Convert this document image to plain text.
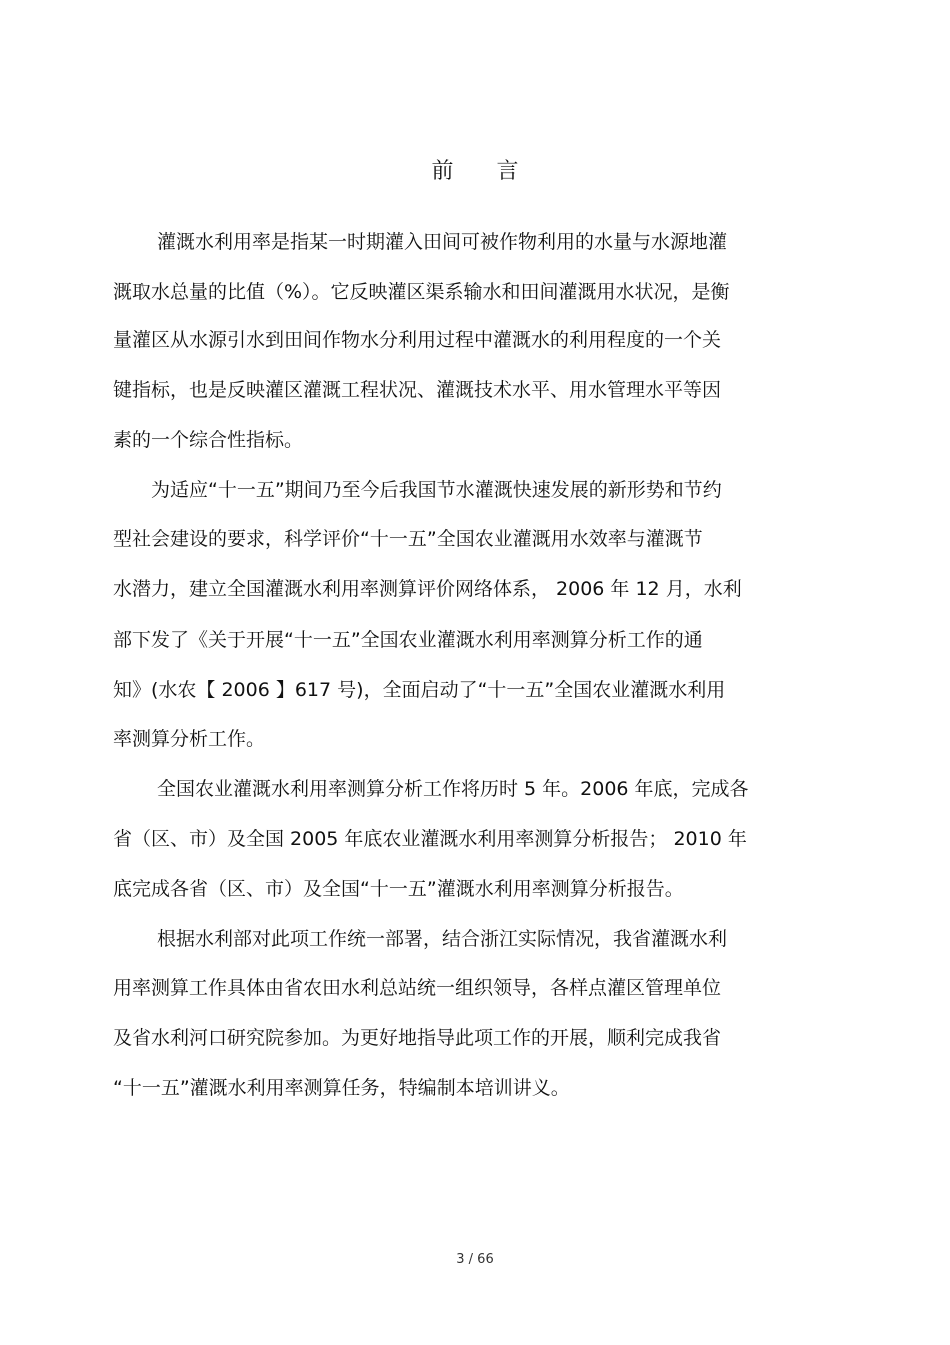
前 言
灌溉水利用率是指某一时期灌入田间可被作物利用的水量与水源地灌
溉取水总量的比值（%）。它反映灌区渠系输水和田间灌溉用水状况，是衡
量灌区从水源引水到田间作物水分利用过程中灌溉水的利用程度的一个关
键指标，也是反映灌区灌溉工程状况、灌溉技术水平、用水管理水平等因
素的一个综合性指标。
为适应“十一五”期间乃至今后我国节水灌溉快速发展的新形势和节约
型社会建设的要求，科学评价“十一五”全国农业灌溉用水效率与灌溉节
水潜力，建立全国灌溉水利用率测算评价网络体系， 2006 年 12 月，水利
部下发了《关于开展“十一五”全国农业灌溉水利用率测算分析工作的通
知》(水农【 2006 】617 号)，全面启动了“十一五”全国农业灌溉水利用
率测算分析工作。
全国农业灌溉水利用率测算分析工作将历时 5 年。2006 年底，完成各
省（区、市）及全国 2005 年底农业灌溉水利用率测算分析报告； 2010 年
底完成各省（区、市）及全国“十一五”灌溉水利用率测算分析报告。
根据水利部对此项工作统一部署，结合浙江实际情况，我省灌溉水利
用率测算工作具体由省农田水利总站统一组织领导，各样点灌区管理单位
及省水利河口研究院参加。为更好地指导此项工作的开展，顺利完成我省
“十一五”灌溉水利用率测算任务，特编制本培训讲义。
3 / 66
